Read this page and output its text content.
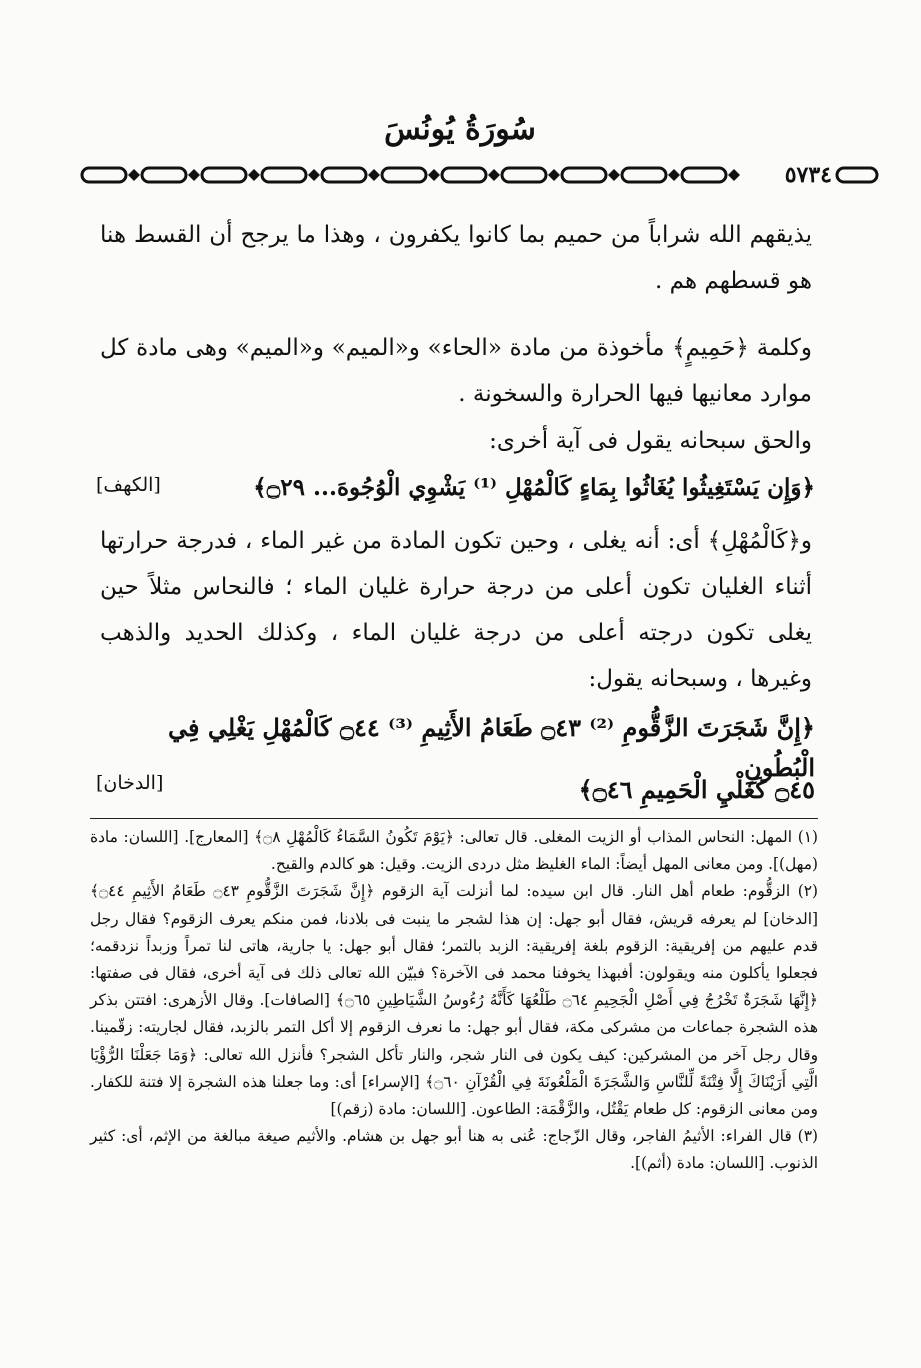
سُورَةُ يُونُسَ
٥٧٣٤
يذيقهم الله شراباً من حميم بما كانوا يكفرون ، وهذا ما يرجح أن القسط هنا هو قسطهم هم .
وكلمة ﴿حَمِيمٍ﴾ مأخوذة من مادة «الحاء» و«الميم» و«الميم» وهى مادة كل موارد معانيها فيها الحرارة والسخونة .
والحق سبحانه يقول فى آية أخرى:
﴿وَإِن يَسْتَغِيثُوا يُغَاثُوا بِمَاءٍ كَالْمُهْلِ ⁽¹⁾ يَشْوِي الْوُجُوهَ... ۝٢٩﴾
[الكهف]
و﴿كَالْمُهْلِ﴾ أى: أنه يغلى ، وحين تكون المادة من غير الماء ، فدرجة حرارتها أثناء الغليان تكون أعلى من درجة حرارة غليان الماء ؛ فالنحاس مثلاً حين يغلى تكون درجته أعلى من درجة غليان الماء ، وكذلك الحديد والذهب وغيرها ، وسبحانه يقول:
﴿إِنَّ شَجَرَتَ الزَّقُّومِ ⁽²⁾ ۝٤٣ طَعَامُ الأَثِيمِ ⁽³⁾ ۝٤٤ كَالْمُهْلِ يَغْلِي فِي الْبُطُونِ
۝٤٥ كَغَلْيِ الْحَمِيمِ ۝٤٦﴾
[الدخان]

(١) المهل: النحاس المذاب أو الزيت المغلى. قال تعالى: ﴿يَوْمَ تَكُونُ السَّمَاءُ كَالْمُهْلِ ۝٨﴾ [المعارج]. [اللسان: مادة (مهل)]. ومن معانى المهل أيضاً: الماء الغليظ مثل دردى الزيت. وقيل: هو كالدم والقيح.

(٢) الزقُّوم: طعام أهل النار. قال ابن سيده: لما أنزلت آية الزقوم ﴿إِنَّ شَجَرَتَ الزَّقُّومِ ۝٤٣ طَعَامُ الأَثِيمِ ۝٤٤﴾ [الدخان] لم يعرفه قريش، فقال أبو جهل: إن هذا لشجر ما ينبت فى بلادنا، فمن منكم يعرف الزقوم؟ فقال رجل قدم عليهم من إفريقية: الزقوم بلغة إفريقية: الزبد بالتمر؛ فقال أبو جهل: يا جارية، هاتى لنا تمراً وزبداً نزدقمه؛ فجعلوا يأكلون منه ويقولون: أفبهذا يخوفنا محمد فى الآخرة؟ فبيّن الله تعالى ذلك فى آية أخرى، فقال فى صفتها: ﴿إِنَّهَا شَجَرَةٌ تَخْرُجُ فِي أَصْلِ الْجَحِيمِ ۝٦٤ طَلْعُهَا كَأَنَّهُ رُءُوسُ الشَّيَاطِينِ ۝٦٥﴾ [الصافات]. وقال الأزهرى: افتتن بذكر هذه الشجرة جماعات من مشركى مكة، فقال أبو جهل: ما نعرف الزقوم إلا أكل التمر بالزبد، فقال لجاريته: زقّمينا. وقال رجل آخر من المشركين: كيف يكون فى النار شجر، والنار تأكل الشجر؟ فأنزل الله تعالى: ﴿وَمَا جَعَلْنَا الرُّؤْيَا الَّتِي أَرَيْنَاكَ إِلَّا فِتْنَةً لِّلنَّاسِ وَالشَّجَرَةَ الْمَلْعُونَةَ فِي الْقُرْآنِ ۝٦٠﴾ [الإسراء] أى: وما جعلنا هذه الشجرة إلا فتنة للكفار. ومن معانى الزقوم: كل طعام يَقْتُل، والزَّقْمَة: الطاعون. [اللسان: مادة (زقم)]

(٣) قال الفراء: الأثيمُ الفاجر، وقال الزّجاج: عُنى به هنا أبو جهل بن هشام. والأثيم صيغة مبالغة من الإثم، أى: كثير الذنوب. [اللسان: مادة (أثم)].
